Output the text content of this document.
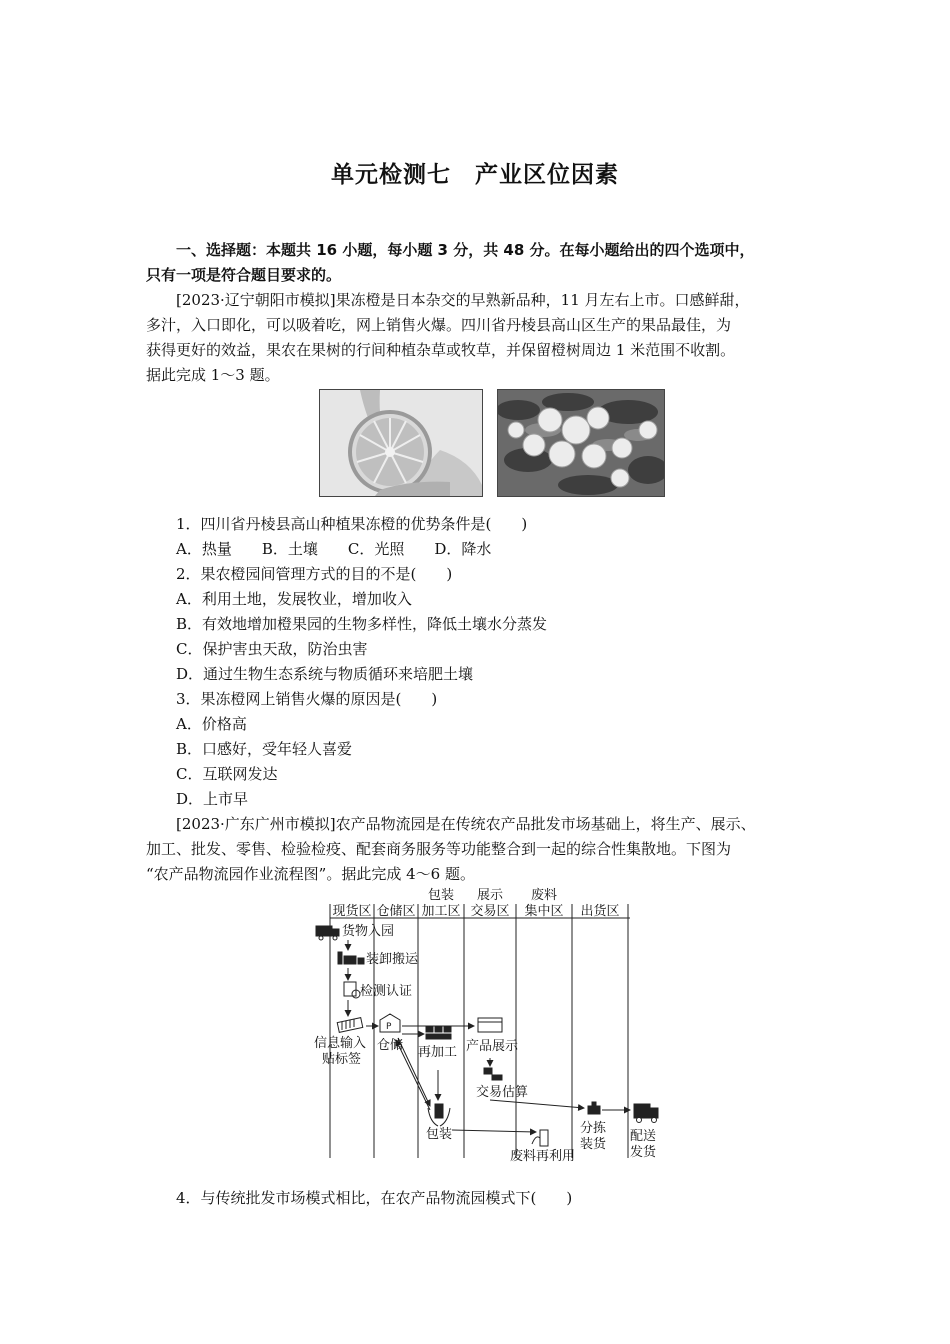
单元检测七　产业区位因素
一、选择题：本题共 16 小题，每小题 3 分，共 48 分。在每小题给出的四个选项中，
只有一项是符合题目要求的。
[2023·辽宁朝阳市模拟]果冻橙是日本杂交的早熟新品种，11 月左右上市。口感鲜甜，
多汁，入口即化，可以吸着吃，网上销售火爆。四川省丹棱县高山区生产的果品最佳，为
获得更好的效益，果农在果树的行间种植杂草或牧草，并保留橙树周边 1 米范围不收割。
据此完成 1～3 题。
1．四川省丹棱县高山种植果冻橙的优势条件是(　　)
A．热量　　B．土壤　　C．光照　　D．降水
2．果农橙园间管理方式的目的不是(　　)
A．利用土地，发展牧业，增加收入
B．有效地增加橙果园的生物多样性，降低土壤水分蒸发
C．保护害虫天敌，防治虫害
D．通过生物生态系统与物质循环来培肥土壤
3．果冻橙网上销售火爆的原因是(　　)
A．价格高
B．口感好，受年轻人喜爱
C．互联网发达
D．上市早
[2023·广东广州市模拟]农产品物流园是在传统农产品批发市场基础上，将生产、展示、
加工、批发、零售、检验检疫、配套商务服务等功能整合到一起的综合性集散地。下图为
“农产品物流园作业流程图”。据此完成 4～6 题。
现货区 仓储区
包装
加工区
展示
交易区
废料
集中区 出货区
P
货物入园
装卸搬运
检测认证
信息输入
贴标签
仓储 再加工 产品展示
交易估算
包装
废料再利用
分拣
装货
配送
发货
4．与传统批发市场模式相比，在农产品物流园模式下(　　)
